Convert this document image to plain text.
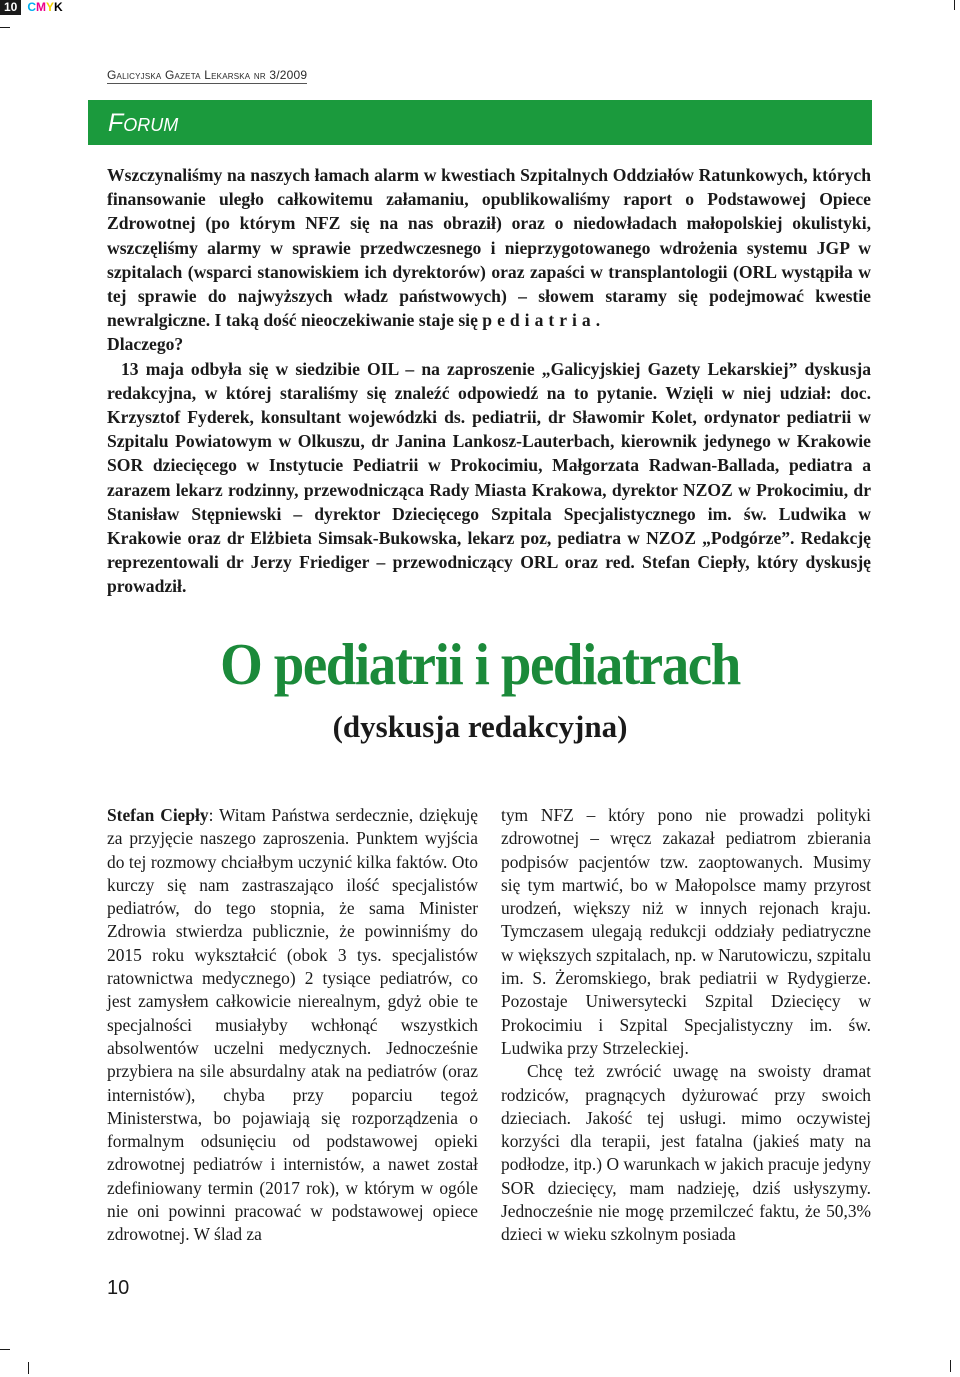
10 CMYK
Galicyjska Gazeta Lekarska nr 3/2009
Forum

Wszczynaliśmy na naszych łamach alarm w kwestiach Szpitalnych Oddziałów Ratunkowych, których finansowanie uległo całkowitemu załamaniu, opublikowaliśmy raport o Podstawowej Opiece Zdrowotnej (po którym NFZ się na nas obraził) oraz o niedowładach małopolskiej okulistyki, wszczęliśmy alarmy w sprawie przedwczesnego i nieprzygotowanego wdrożenia systemu JGP w szpitalach (wsparci stanowiskiem ich dyrektorów) oraz zapaści w transplantologii (ORL wystąpiła w tej sprawie do najwyższych władz państwowych) – słowem staramy się podejmować kwestie newralgiczne. I taką dość nieoczekiwanie staje się pediatria.

Dlaczego?

13 maja odbyła się w siedzibie OIL – na zaproszenie „Galicyjskiej Gazety Lekarskiej” dyskusja redakcyjna, w której staraliśmy się znaleźć odpowiedź na to pytanie. Wzięli w niej udział: doc. Krzysztof Fyderek, konsultant wojewódzki ds. pediatrii, dr Sławomir Kolet, ordynator pediatrii w Szpitalu Powiatowym w Olkuszu, dr Janina Lankosz-Lauterbach, kierownik jedynego w Krakowie SOR dziecięcego w Instytucie Pediatrii w Prokocimiu, Małgorzata Radwan-Ballada, pediatra a zarazem lekarz rodzinny, przewodnicząca Rady Miasta Krakowa, dyrektor NZOZ w Prokocimiu, dr Stanisław Stępniewski – dyrektor Dziecięcego Szpitala Specjalistycznego im. św. Ludwika w Krakowie oraz dr Elżbieta Simsak-Bukowska, lekarz poz, pediatra w NZOZ „Podgórze”. Redakcję reprezentowali dr Jerzy Friediger – przewodniczący ORL oraz red. Stefan Ciepły, który dyskusję prowadził.

O pediatrii i pediatrach
(dyskusja redakcyjna)

Stefan Ciepły: Witam Państwa serdecznie, dziękuję za przyjęcie naszego zaproszenia. Punktem wyjścia do tej rozmowy chciałbym uczynić kilka faktów. Oto kurczy się nam zastraszająco ilość specjalistów pediatrów, do tego stopnia, że sama Minister Zdrowia stwierdza publicznie, że powinniśmy do 2015 roku wykształcić (obok 3 tys. specjalistów ratownictwa medycznego) 2 tysiące pediatrów, co jest zamysłem całkowicie nierealnym, gdyż obie te specjalności musiałyby wchłonąć wszystkich absolwentów uczelni medycznych. Jednocześnie przybiera na sile absurdalny atak na pediatrów (oraz internistów), chyba przy poparciu tegoż Ministerstwa, bo pojawiają się rozporządzenia o formalnym odsunięciu od podstawowej opieki zdrowotnej pediatrów i internistów, a nawet został zdefiniowany termin (2017 rok), w którym w ogóle nie oni powinni pracować w podstawowej opiece zdrowotnej. W ślad za

tym NFZ – który pono nie prowadzi polityki zdrowotnej – wręcz zakazał pediatrom zbierania podpisów pacjentów tzw. zaoptowanych. Musimy się tym martwić, bo w Małopolsce mamy przyrost urodzeń, większy niż w innych rejonach kraju. Tymczasem ulegają redukcji oddziały pediatryczne w większych szpitalach, np. w Narutowiczu, szpitalu im. S. Żeromskiego, brak pediatrii w Rydygierze. Pozostaje Uniwersytecki Szpital Dziecięcy w Prokocimiu i Szpital Specjalistyczny im. św. Ludwika przy Strzeleckiej.

Chcę też zwrócić uwagę na swoisty dramat rodziców, pragnących dyżurować przy swoich dzieciach. Jakość tej usługi. mimo oczywistej korzyści dla terapii, jest fatalna (jakieś maty na podłodze, itp.) O warunkach w jakich pracuje jedyny SOR dziecięcy, mam nadzieję, dziś usłyszymy. Jednocześnie nie mogę przemilczeć faktu, że 50,3% dzieci w wieku szkolnym posiada

10
